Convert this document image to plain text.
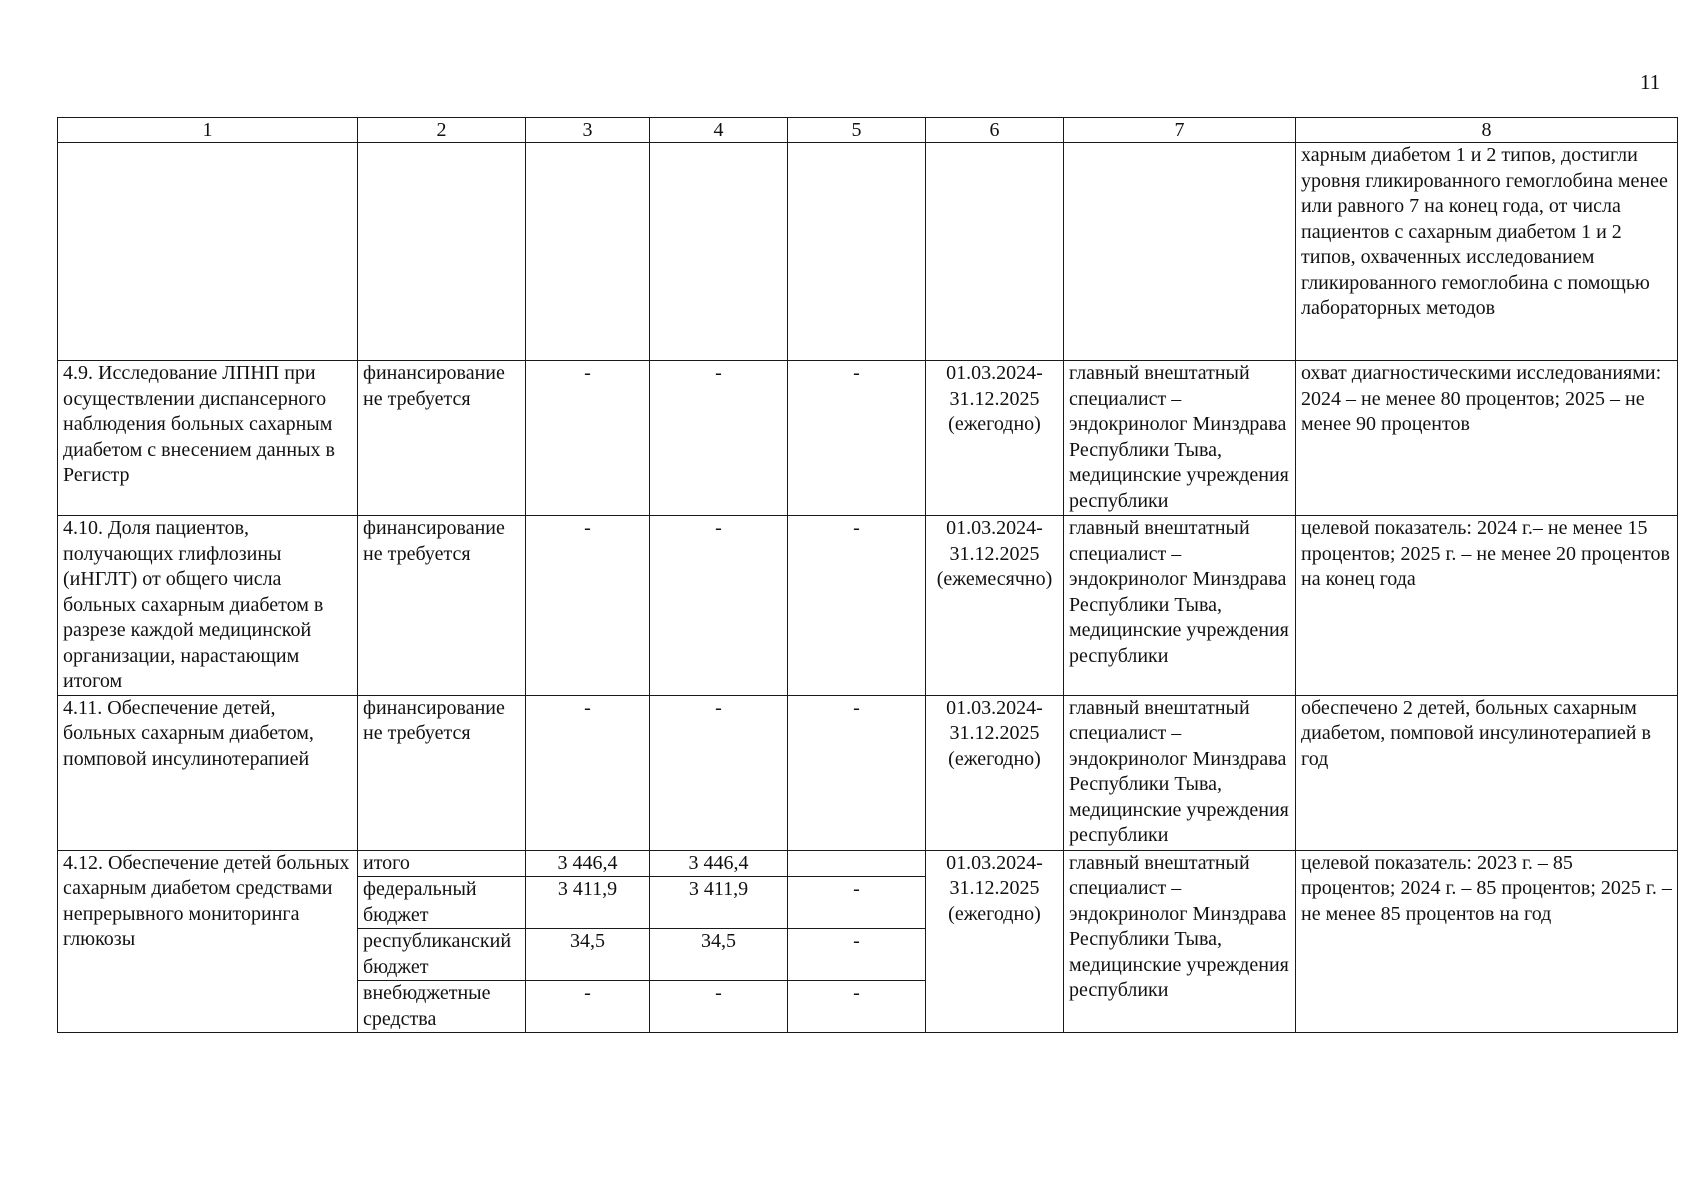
11
1	2	3	4	5	6	7	8
							харным диабетом 1 и 2 типов, достигли уровня гликированного гемоглобина менее или равного 7 на конец года, от числа пациентов с сахарным диабетом 1 и 2 типов, охваченных исследованием гликированного гемоглобина с помощью лабораторных методов
4.9. Исследование ЛПНП при осуществлении диспансерного наблюдения больных сахарным диабетом с внесением данных в Регистр	финансирование не требуется	-	-	-	01.03.2024-31.12.2025 (ежегодно)	главный внештатный специалист – эндокринолог Минздрава Республики Тыва, медицинские учреждения республики	охват диагностическими исследованиями: 2024 – не менее 80 процентов; 2025 – не менее 90 процентов
4.10. Доля пациентов, получающих глифлозины (иНГЛТ) от общего числа больных сахарным диабетом в разрезе каждой медицинской организации, нарастающим итогом	финансирование не требуется	-	-	-	01.03.2024-31.12.2025 (ежемесячно)	главный внештатный специалист – эндокринолог Минздрава Республики Тыва, медицинские учреждения республики	целевой показатель: 2024 г.– не менее 15 процентов; 2025 г. – не менее 20 процентов на конец года
4.11. Обеспечение детей, больных сахарным диабетом, помповой инсулинотерапией	финансирование не требуется	-	-	-	01.03.2024-31.12.2025 (ежегодно)	главный внештатный специалист – эндокринолог Минздрава Республики Тыва, медицинские учреждения республики	обеспечено 2 детей, больных сахарным диабетом, помповой инсулинотерапией в год
4.12. Обеспечение детей больных сахарным диабетом средствами непрерывного мониторинга глюкозы	итого	3 446,4	3 446,4		01.03.2024-31.12.2025 (ежегодно)	главный внештатный специалист – эндокринолог Минздрава Республики Тыва, медицинские учреждения республики	целевой показатель: 2023 г. – 85 процентов; 2024 г. – 85 процентов; 2025 г. – не менее 85 процентов на год
	федеральный бюджет	3 411,9	3 411,9	-			
	республиканский бюджет	34,5	34,5	-			
	внебюджетные средства	-	-	-			
